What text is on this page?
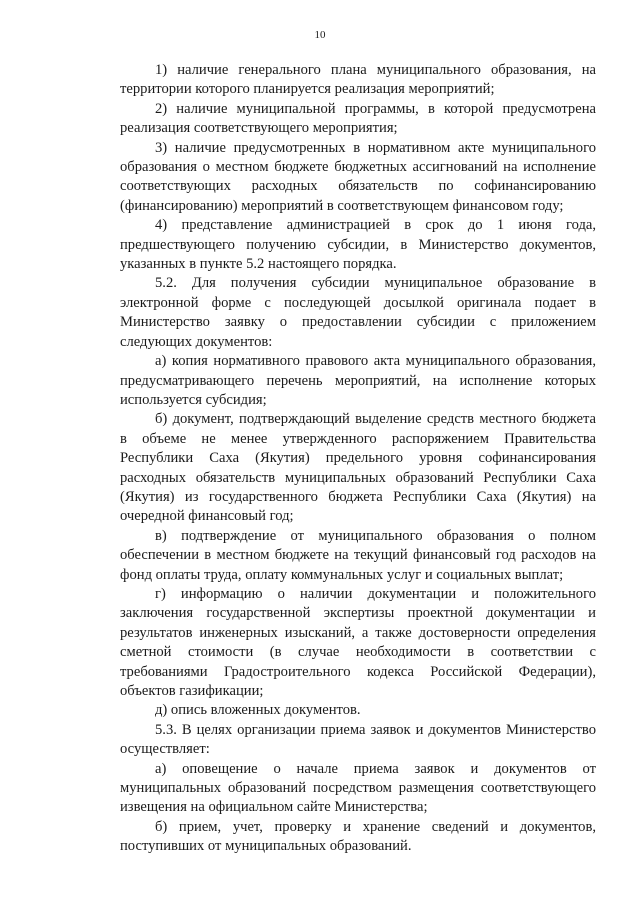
10

1) наличие генерального плана муниципального образования, на территории которого планируется реализация мероприятий;

2) наличие муниципальной программы, в которой предусмотрена реализация соответствующего мероприятия;

3) наличие предусмотренных в нормативном акте муниципального образования о местном бюджете бюджетных ассигнований на исполнение соответствующих расходных обязательств по софинансированию (финансированию) мероприятий в соответствующем финансовом году;

4) представление администрацией в срок до 1 июня года, предшествующего получению субсидии, в Министерство документов, указанных в пункте 5.2 настоящего порядка.

5.2. Для получения субсидии муниципальное образование в электронной форме с последующей досылкой оригинала подает в Министерство заявку о предоставлении субсидии с приложением следующих документов:

а) копия нормативного правового акта муниципального образования, предусматривающего перечень мероприятий, на исполнение которых используется субсидия;

б) документ, подтверждающий выделение средств местного бюджета в объеме не менее утвержденного распоряжением Правительства Республики Саха (Якутия) предельного уровня софинансирования расходных обязательств муниципальных образований Республики Саха (Якутия) из государственного бюджета Республики Саха (Якутия) на очередной финансовый год;

в) подтверждение от муниципального образования о полном обеспечении в местном бюджете на текущий финансовый год расходов на фонд оплаты труда, оплату коммунальных услуг и социальных выплат;

г) информацию о наличии документации и положительного заключения государственной экспертизы проектной документации и результатов инженерных изысканий, а также достоверности определения сметной стоимости (в случае необходимости в соответствии с требованиями Градостроительного кодекса Российской Федерации), объектов газификации;

д) опись вложенных документов.

5.3. В целях организации приема заявок и документов Министерство осуществляет:

а) оповещение о начале приема заявок и документов от муниципальных образований посредством размещения соответствующего извещения на официальном сайте Министерства;

б) прием, учет, проверку и хранение сведений и документов, поступивших от муниципальных образований.
